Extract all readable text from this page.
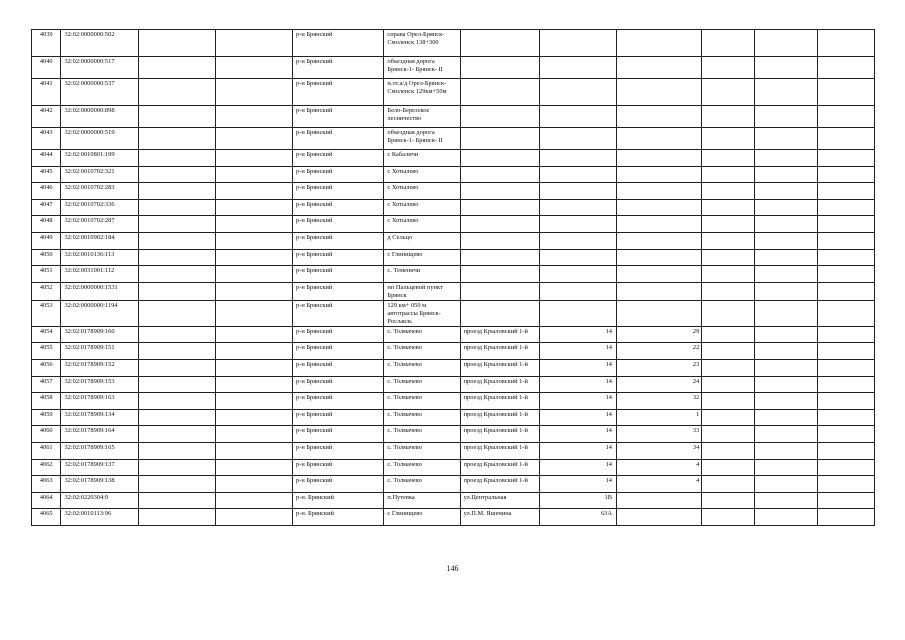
4039	32:02:0000000:502			р-н Брянский	справа Орел-Брянск-Смоленск 138+300						
4040	32:02:0000000:517			р-н Брянский	объездная дорога Брянск-1- Брянск- II						
4041	32:02:0000000:537			р-н Брянский	н.от.а/д Орел-Брянск-Смоленск 129км+50м						
4042	32:02:0000000:898			р-н Брянский	Бело-Березское лесничество						
4043	32:02:0000000:519			р-н Брянский	объездная дорога Брянск-1- Брянск- II						
4044	32:02:0010801:199			р-н Брянский	с Кабаличи						
4045	32:02:0010702:321			р-н Брянский	с Хотылево						
4046	32:02:0010702:283			р-н Брянский	с Хотылево						
4047	32:02:0010702:336			р-н Брянский	с Хотылево						
4048	32:02:0010702:287			р-н Брянский	с Хотылево						
4049	32:02:0010902:184			р-н Брянский	д Сельцо						
4050	32:02:0010136:113			р-н Брянский	с Глинищево						
4051	32:02:0031001:112			р-н Брянский	с. Теменичи						
4052	32:02:0000000:1531			р-н Брянский	нп Пальцевой пункт Брянск						
4053	32:02:0000000:1194			р-н Брянский	129 км+ 050 м автотрассы Брянск-Рославль						
4054	32:02:0178909:160			р-н Брянский	с. Толмачево	проезд Крыловский 1-й	14	29			
4055	32:02:0178909:151			р-н Брянский	с. Толмачево	проезд Крыловский 1-й	14	22			
4056	32:02:0178909:152			р-н Брянский	с. Толмачево	проезд Крыловский 1-й	14	23			
4057	32:02:0178909:153			р-н Брянский	с. Толмачево	проезд Крыловский 1-й	14	24			
4058	32:02:0178909:163			р-н Брянский	с. Толмачево	проезд Крыловский 1-й	14	32			
4059	32:02:0178909:134			р-н Брянский	с. Толмачево	проезд Крыловский 1-й	14	1			
4060	32:02:0178909:164			р-н Брянский	с. Толмачево	проезд Крыловский 1-й	14	33			
4061	32:02:0178909:165			р-н Брянский	с. Толмачево	проезд Крыловский 1-й	14	34			
4062	32:02:0178909:137			р-н Брянский	с. Толмачево	проезд Крыловский 1-й	14	4			
4063	32:02:0178909:138			р-н Брянский	с. Толмачево	проезд Крыловский 1-й	14	4			
4064	32:02:0220304:9			р-н. Брянский	п.Путевка	ул.Центральная	1В				
4065	32:02:0010113:96			р-н. Брянский	с Глинищево	ул.П.М. Яшенина	63А				
146
